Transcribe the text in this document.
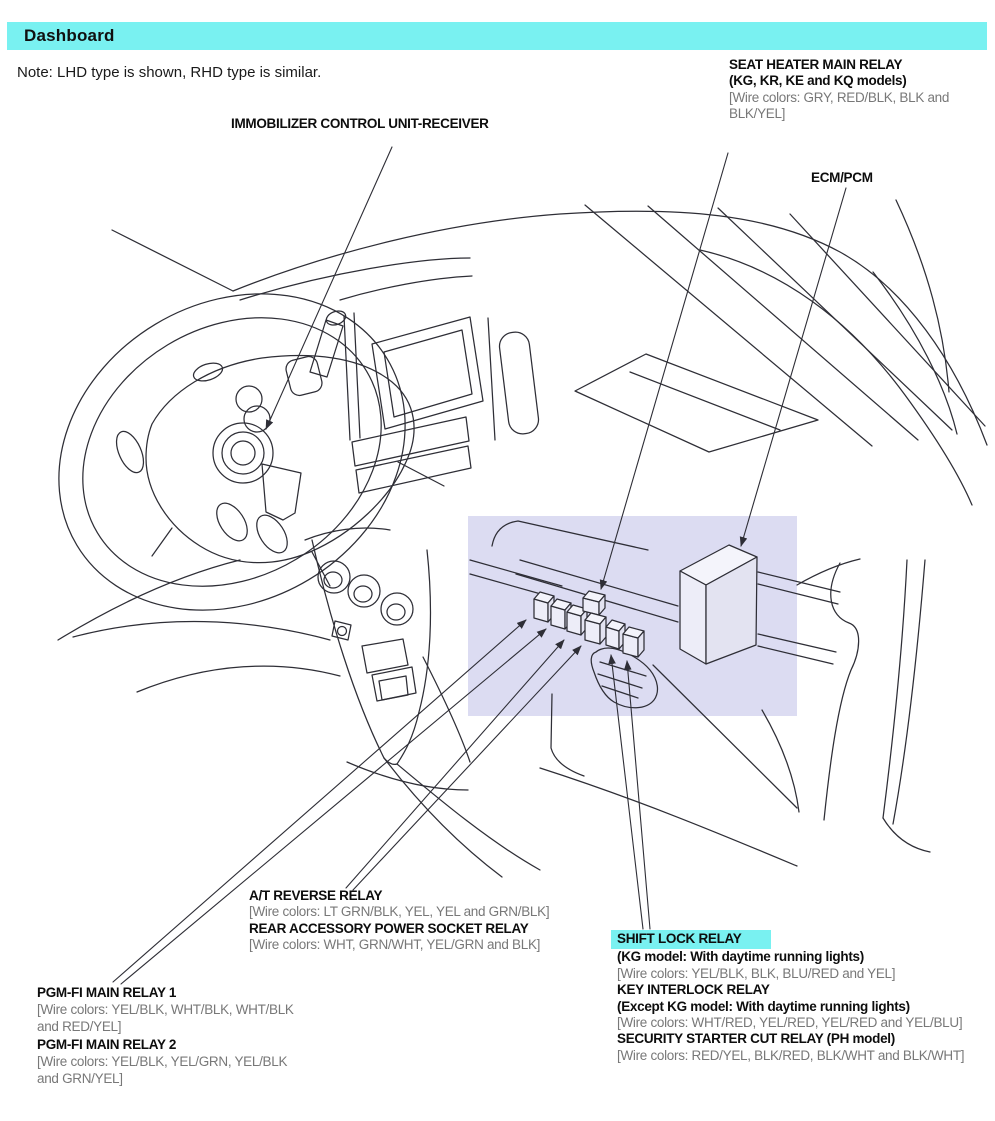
Dashboard
Note: LHD type is shown, RHD type is similar.
IMMOBILIZER CONTROL UNIT-RECEIVER
SEAT HEATER MAIN RELAY
(KG, KR, KE and KQ models)
[Wire colors: GRY, RED/BLK, BLK and
BLK/YEL]
ECM/PCM
A/T REVERSE RELAY
[Wire colors: LT GRN/BLK, YEL, YEL and GRN/BLK]
REAR ACCESSORY POWER SOCKET RELAY
[Wire colors: WHT, GRN/WHT, YEL/GRN and BLK]	SHIFT LOCK RELAY
(KG model: With daytime running lights)
[Wire colors: YEL/BLK, BLK, BLU/RED and YEL]
KEY INTERLOCK RELAY
(Except KG model: With daytime running lights)
[Wire colors: WHT/RED, YEL/RED, YEL/RED and YEL/BLU]
SECURITY STARTER CUT RELAY (PH model)
[Wire colors: RED/YEL, BLK/RED, BLK/WHT and BLK/WHT]
PGM-FI MAIN RELAY 1
[Wire colors: YEL/BLK, WHT/BLK, WHT/BLK
and RED/YEL]
PGM-FI MAIN RELAY 2
[Wire colors: YEL/BLK, YEL/GRN, YEL/BLK
and GRN/YEL]
